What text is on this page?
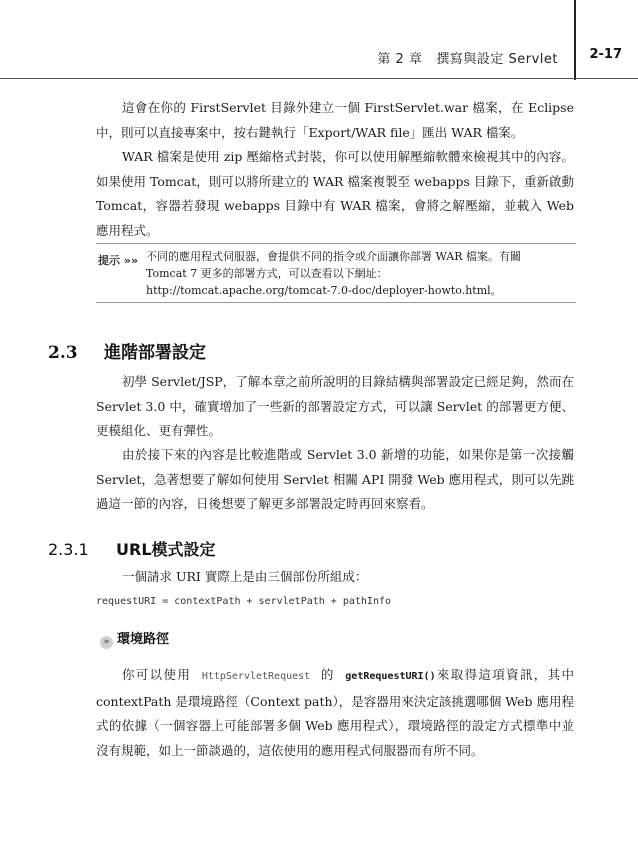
第 2 章 撰寫與設定 Servlet 2-17

這會在你的 FirstServlet 目錄外建立一個 FirstServlet.war 檔案，在 Eclipse 中，則可以直接專案中，按右鍵執行「Export/WAR file」匯出 WAR 檔案。

WAR 檔案是使用 zip 壓縮格式封裝，你可以使用解壓縮軟體來檢視其中的內容。如果使用 Tomcat，則可以將所建立的 WAR 檔案複製至 webapps 目錄下，重新啟動 Tomcat，容器若發現 webapps 目錄中有 WAR 檔案，會將之解壓縮，並載入 Web 應用程式。

提示 »» 不同的應用程式伺服器，會提供不同的指令或介面讓你部署 WAR 檔案。有關
Tomcat 7 更多的部署方式，可以查看以下網址：
http://tomcat.apache.org/tomcat-7.0-doc/deployer-howto.html。

2.3 進階部署設定

初學 Servlet/JSP，了解本章之前所說明的目錄結構與部署設定已經足夠，然而在 Servlet 3.0 中，確實增加了一些新的部署設定方式，可以讓 Servlet 的部署更方便、更模組化、更有彈性。

由於接下來的內容是比較進階或 Servlet 3.0 新增的功能，如果你是第一次接觸 Servlet，急著想要了解如何使用 Servlet 相關 API 開發 Web 應用程式，則可以先跳過這一節的內容，日後想要了解更多部署設定時再回來察看。

2.3.1 URL模式設定

一個請求 URI 實際上是由三個部份所組成：

requestURI = contextPath + servletPath + pathInfo
» 環境路徑

你可以使用 HttpServletRequest 的 getRequestURI()來取得這項資訊，其中 contextPath 是環境路徑（Context path），是容器用來決定該挑選哪個 Web 應用程式的依據（一個容器上可能部署多個 Web 應用程式），環境路徑的設定方式標準中並沒有規範，如上一節談過的，這依使用的應用程式伺服器而有所不同。
